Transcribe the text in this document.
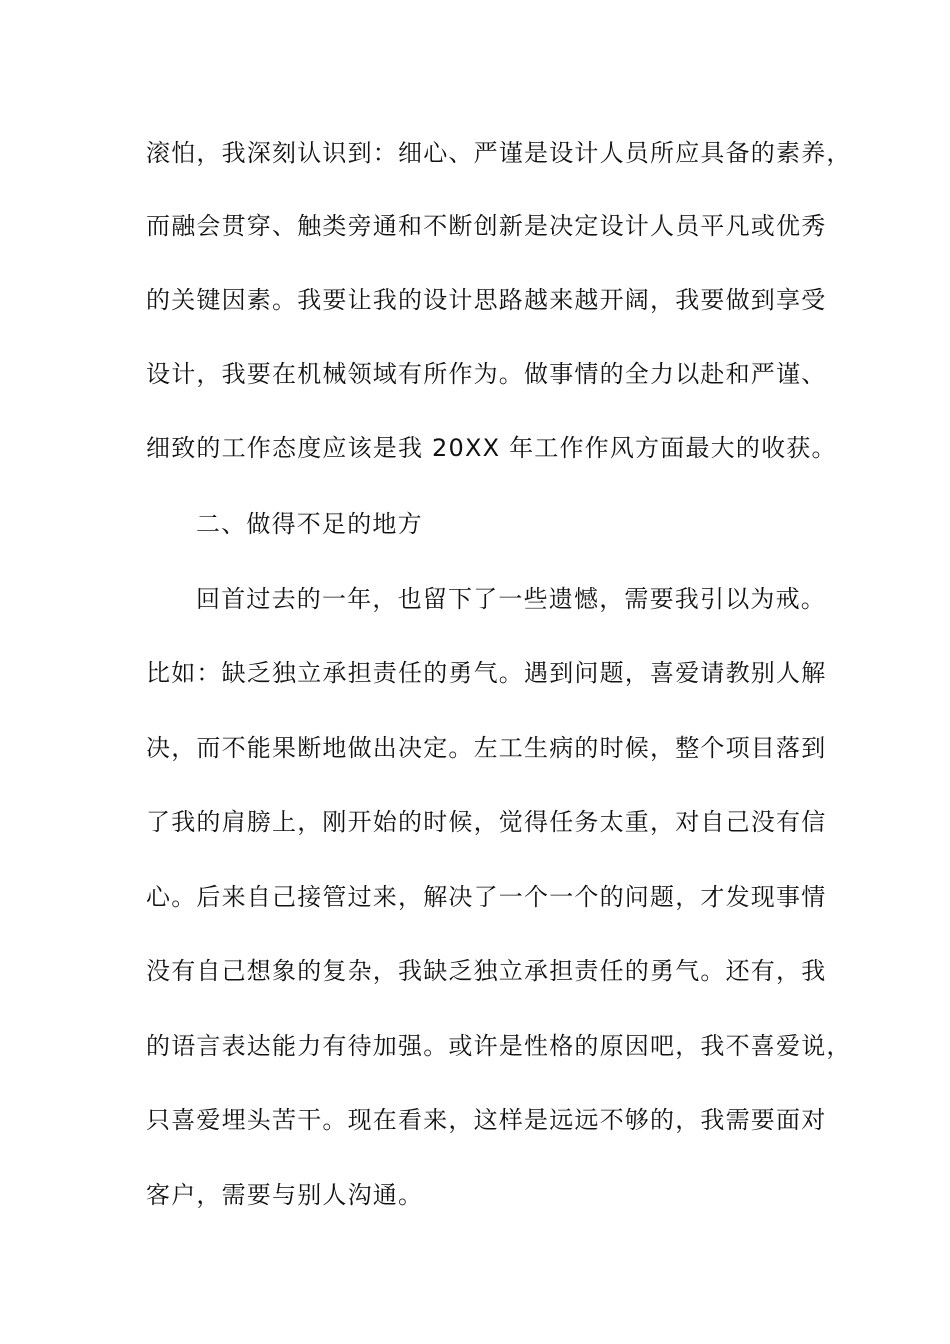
滚怕，我深刻认识到：细心、严谨是设计人员所应具备的素养，
而融会贯穿、触类旁通和不断创新是决定设计人员平凡或优秀
的关键因素。我要让我的设计思路越来越开阔，我要做到享受
设计，我要在机械领域有所作为。做事情的全力以赴和严谨、
细致的工作态度应该是我 20XX 年工作作风方面最大的收获。
二、做得不足的地方
回首过去的一年，也留下了一些遗憾，需要我引以为戒。
比如：缺乏独立承担责任的勇气。遇到问题，喜爱请教别人解
决，而不能果断地做出决定。左工生病的时候，整个项目落到
了我的肩膀上，刚开始的时候，觉得任务太重，对自己没有信
心。后来自己接管过来，解决了一个一个的问题，才发现事情
没有自己想象的复杂，我缺乏独立承担责任的勇气。还有，我
的语言表达能力有待加强。或许是性格的原因吧，我不喜爱说，
只喜爱埋头苦干。现在看来，这样是远远不够的，我需要面对
客户，需要与别人沟通。
